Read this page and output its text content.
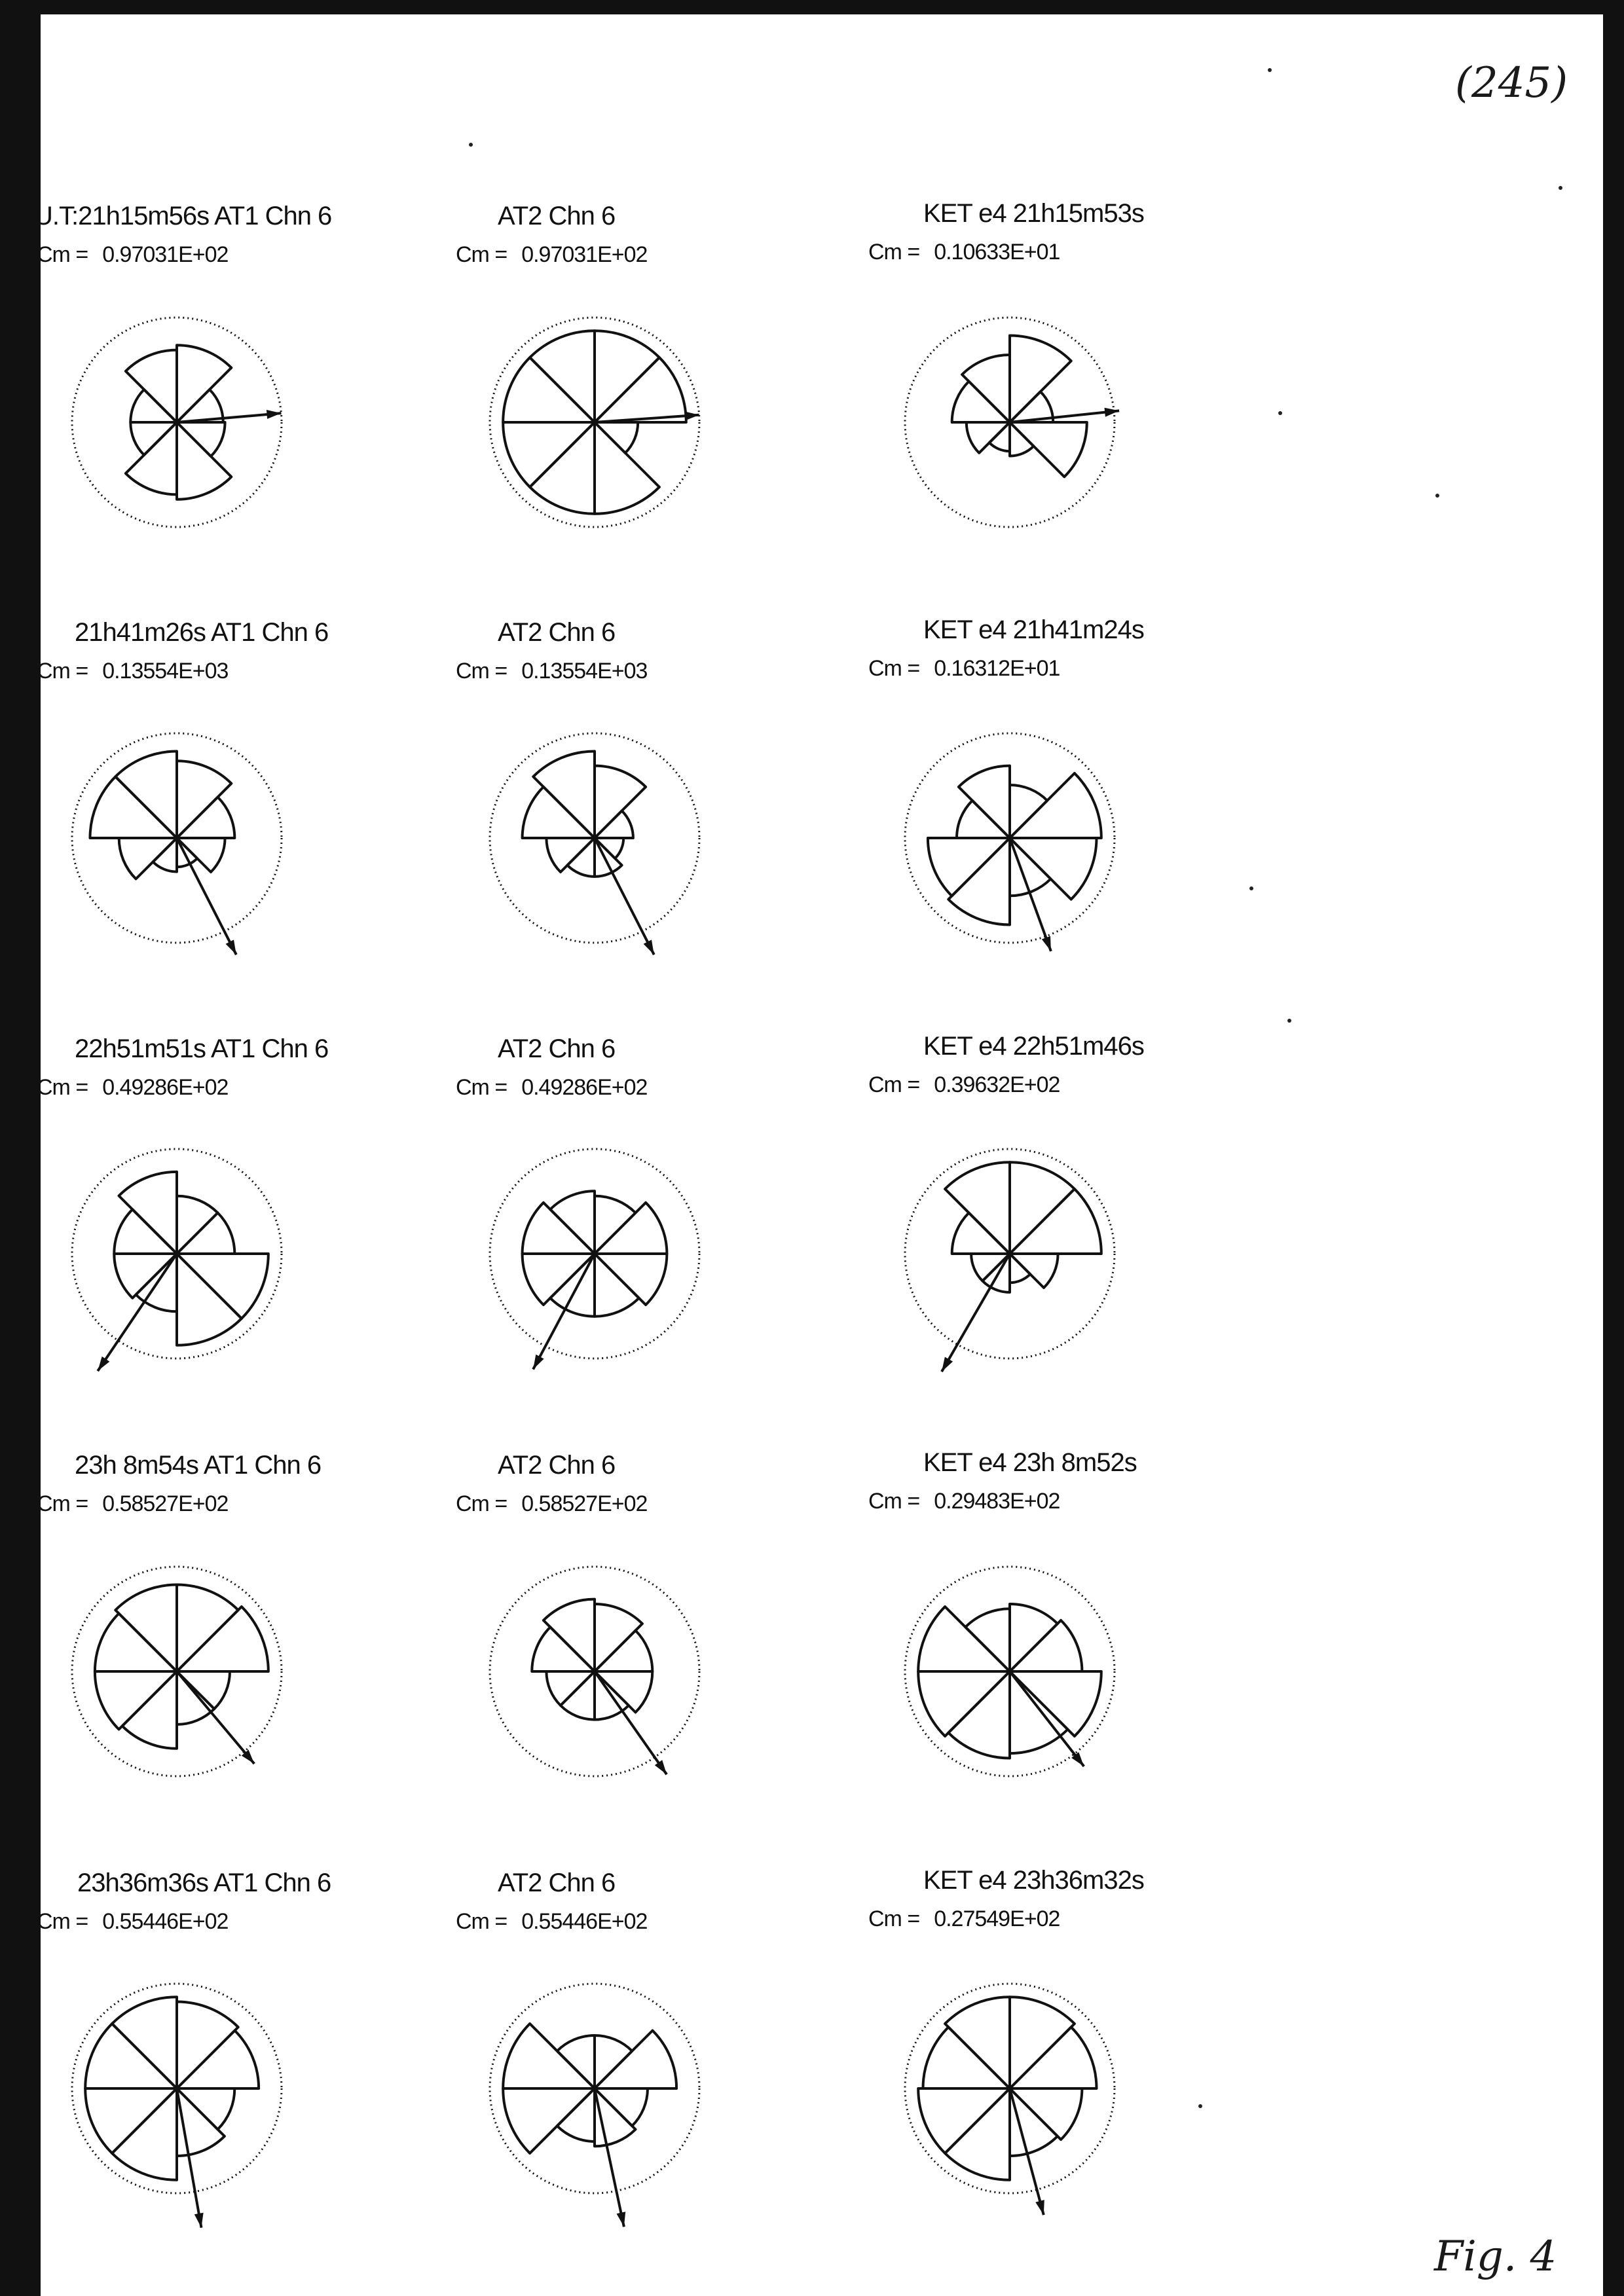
(245)
Fig. 4
U.T:21h15m56s AT1 Chn 6
Cm = 0.97031E+02
AT2 Chn 6
Cm = 0.97031E+02
KET e4 21h15m53s
Cm = 0.10633E+01
21h41m26s AT1 Chn 6
Cm = 0.13554E+03
AT2 Chn 6
Cm = 0.13554E+03
KET e4 21h41m24s
Cm = 0.16312E+01
22h51m51s AT1 Chn 6
Cm = 0.49286E+02
AT2 Chn 6
Cm = 0.49286E+02
KET e4 22h51m46s
Cm = 0.39632E+02
23h 8m54s AT1 Chn 6
Cm = 0.58527E+02
AT2 Chn 6
Cm = 0.58527E+02
KET e4 23h 8m52s
Cm = 0.29483E+02
23h36m36s AT1 Chn 6
Cm = 0.55446E+02
AT2 Chn 6
Cm = 0.55446E+02
KET e4 23h36m32s
Cm = 0.27549E+02
